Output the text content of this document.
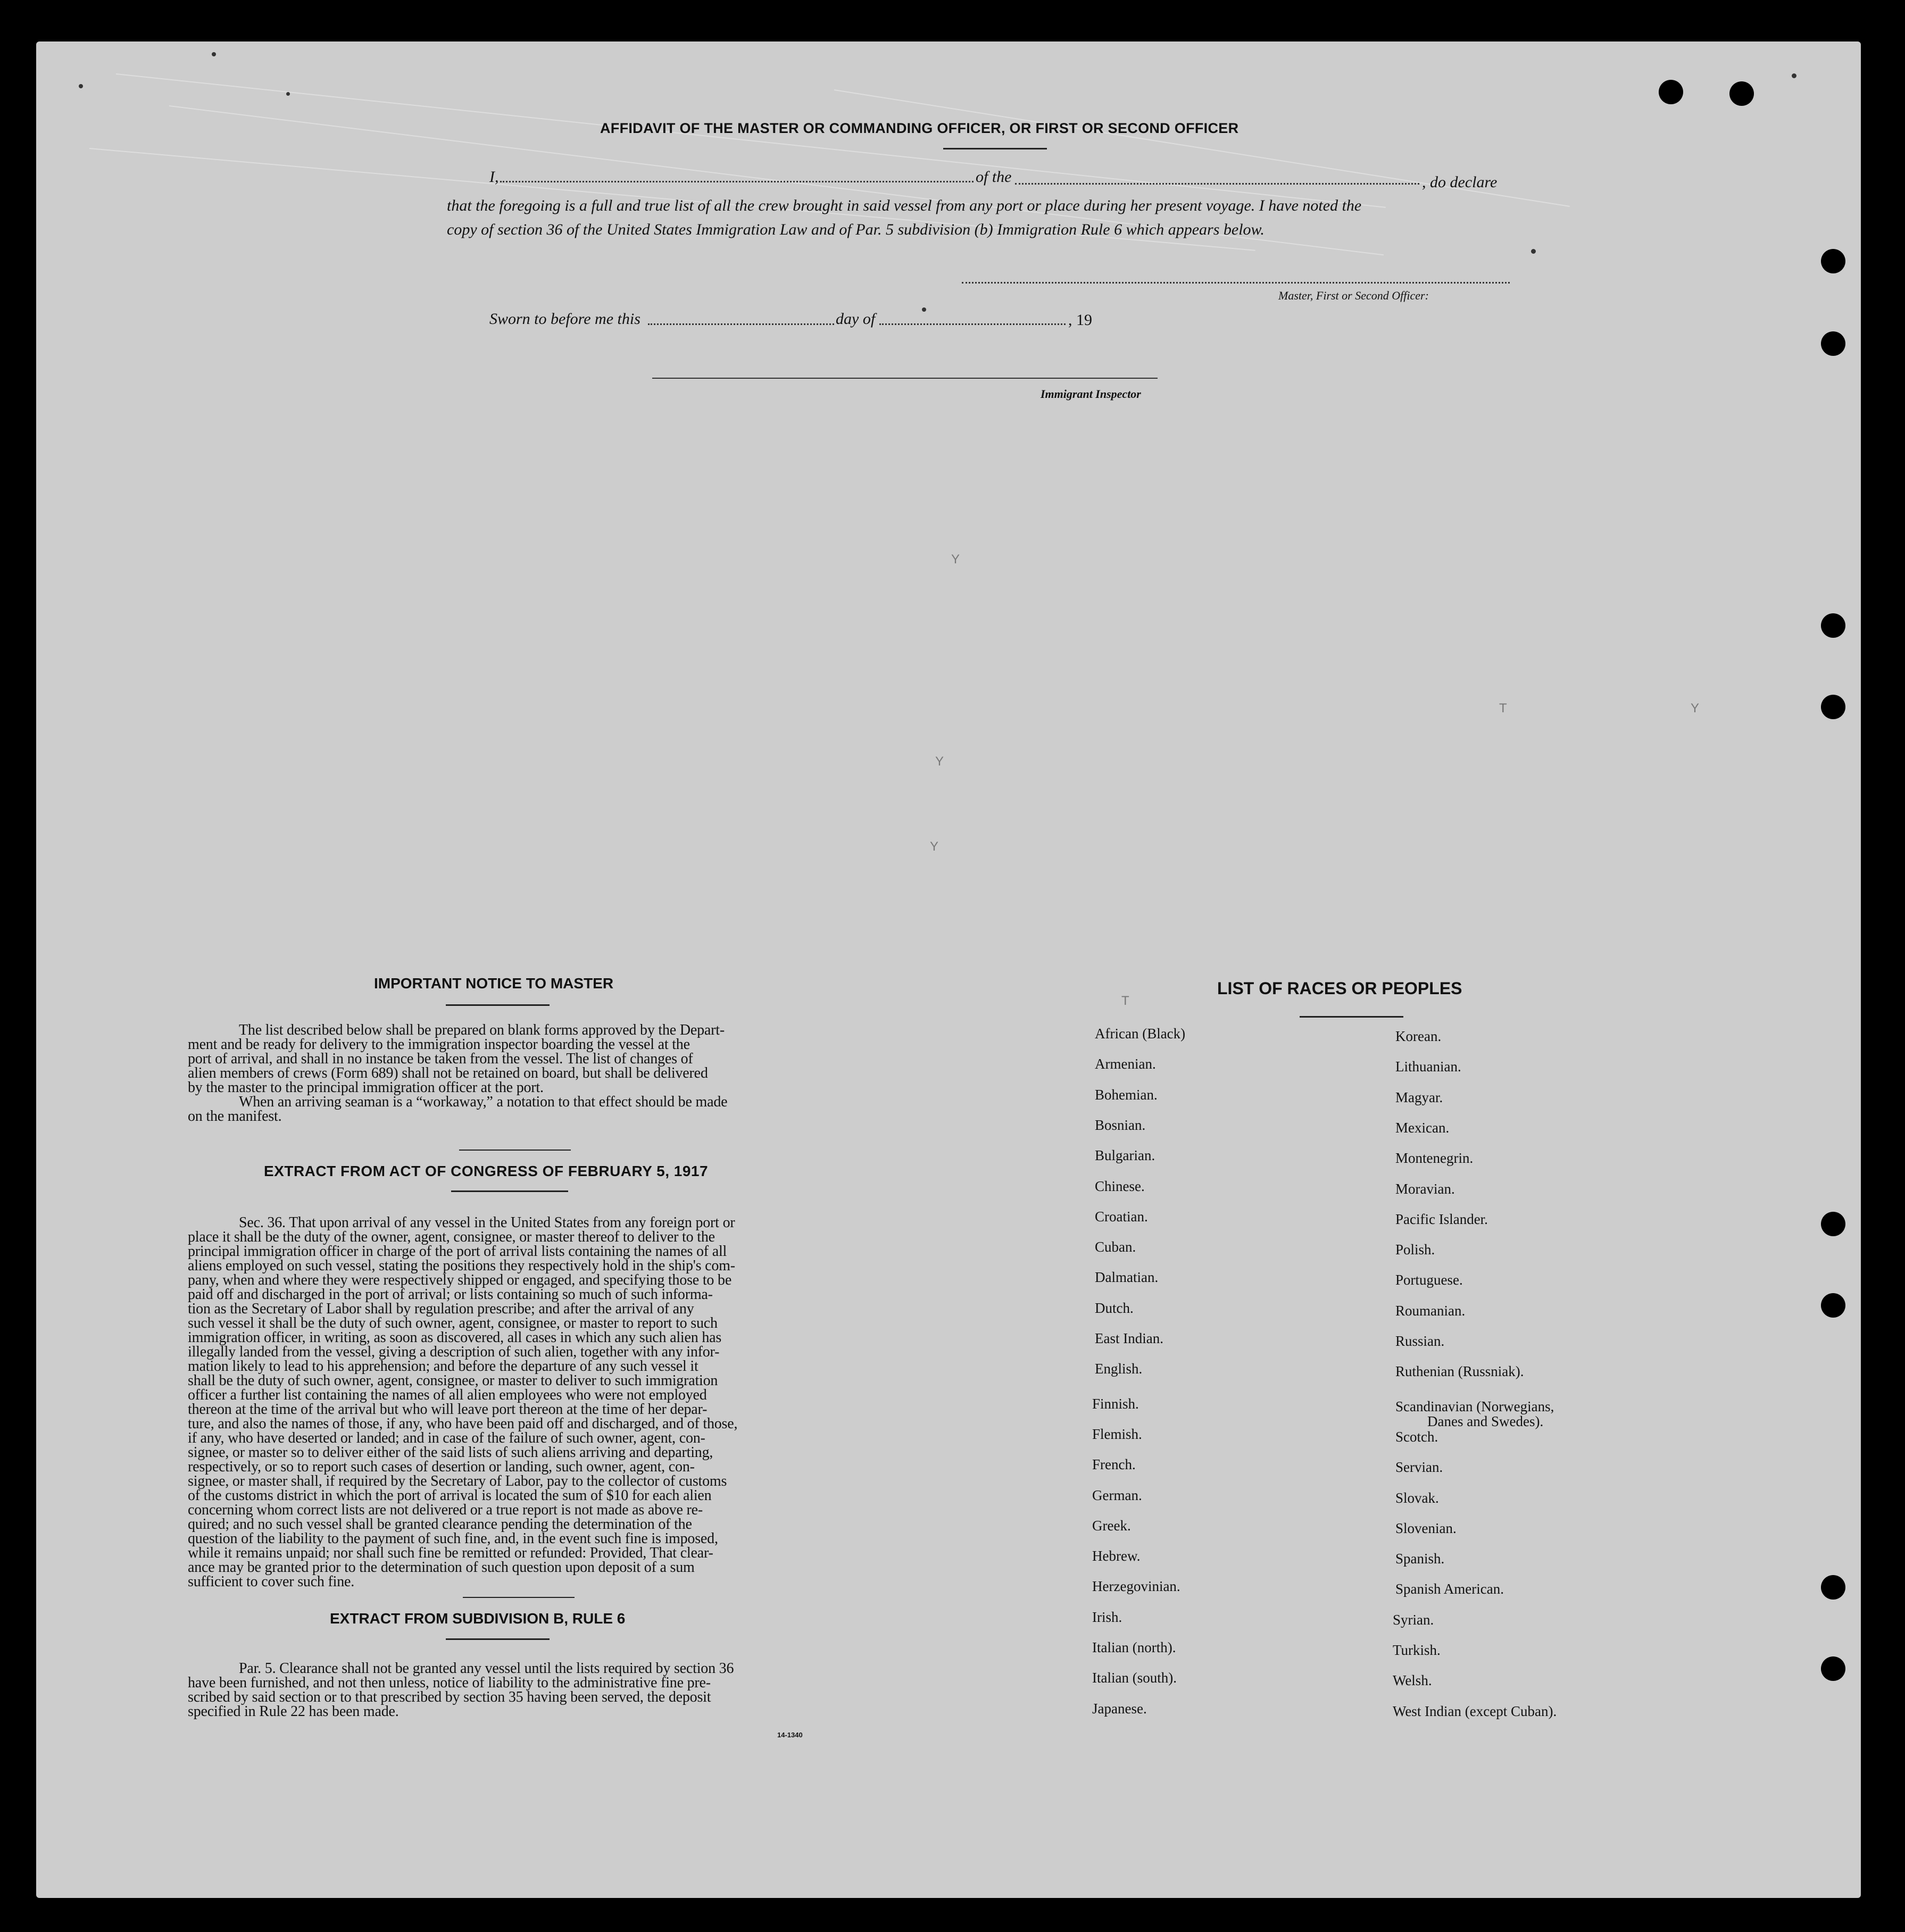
Y
Y
Y
Y
T
T
AFFIDAVIT OF THE MASTER OR COMMANDING OFFICER, OR FIRST OR SECOND OFFICER
I,	of the	, do declare
that the foregoing is a full and true list of all the crew brought in said vessel from any port or place during her present voyage. I have noted the
copy of section 36 of the United States Immigration Law and of Par. 5 subdivision (b) Immigration Rule 6 which appears below.
Master, First or Second Officer:
Sworn to before me this	day of	, 19
Immigrant Inspector
IMPORTANT NOTICE TO MASTER
The list described below shall be prepared on blank forms approved by the Depart-
ment and be ready for delivery to the immigration inspector boarding the vessel at the
port of arrival, and shall in no instance be taken from the vessel. The list of changes of
alien members of crews (Form 689) shall not be retained on board, but shall be delivered
by the master to the principal immigration officer at the port.
When an arriving seaman is a “workaway,” a notation to that effect should be made
on the manifest.
EXTRACT FROM ACT OF CONGRESS OF FEBRUARY 5, 1917
Sec. 36. That upon arrival of any vessel in the United States from any foreign port or
place it shall be the duty of the owner, agent, consignee, or master thereof to deliver to the
principal immigration officer in charge of the port of arrival lists containing the names of all
aliens employed on such vessel, stating the positions they respectively hold in the ship's com-
pany, when and where they were respectively shipped or engaged, and specifying those to be
paid off and discharged in the port of arrival; or lists containing so much of such informa-
tion as the Secretary of Labor shall by regulation prescribe; and after the arrival of any
such vessel it shall be the duty of such owner, agent, consignee, or master to report to such
immigration officer, in writing, as soon as discovered, all cases in which any such alien has
illegally landed from the vessel, giving a description of such alien, together with any infor-
mation likely to lead to his apprehension; and before the departure of any such vessel it
shall be the duty of such owner, agent, consignee, or master to deliver to such immigration
officer a further list containing the names of all alien employees who were not employed
thereon at the time of the arrival but who will leave port thereon at the time of her depar-
ture, and also the names of those, if any, who have been paid off and discharged, and of those,
if any, who have deserted or landed; and in case of the failure of such owner, agent, con-
signee, or master so to deliver either of the said lists of such aliens arriving and departing,
respectively, or so to report such cases of desertion or landing, such owner, agent, con-
signee, or master shall, if required by the Secretary of Labor, pay to the collector of customs
of the customs district in which the port of arrival is located the sum of $10 for each alien
concerning whom correct lists are not delivered or a true report is not made as above re-
quired; and no such vessel shall be granted clearance pending the determination of the
question of the liability to the payment of such fine, and, in the event such fine is imposed,
while it remains unpaid; nor shall such fine be remitted or refunded: Provided, That clear-
ance may be granted prior to the determination of such question upon deposit of a sum
sufficient to cover such fine.
EXTRACT FROM SUBDIVISION B, RULE 6
Par. 5. Clearance shall not be granted any vessel until the lists required by section 36
have been furnished, and not then unless, notice of liability to the administrative fine pre-
scribed by said section or to that prescribed by section 35 having been served, the deposit
specified in Rule 22 has been made.
14-1340
LIST OF RACES OR PEOPLES
African (Black)
Armenian.
Bohemian.
Bosnian.
Bulgarian.
Chinese.
Croatian.
Cuban.
Dalmatian.
Dutch.
East Indian.
English.
Finnish.
Flemish.
French.
German.
Greek.
Hebrew.
Herzegovinian.
Irish.
Italian (north).
Italian (south).
Japanese.
Korean.
Lithuanian.
Magyar.
Mexican.
Montenegrin.
Moravian.
Pacific Islander.
Polish.
Portuguese.
Roumanian.
Russian.
Ruthenian (Russniak).
Scandinavian (Norwegians,
Danes and Swedes).
Scotch.
Servian.
Slovak.
Slovenian.
Spanish.
Spanish American.
Syrian.
Turkish.
Welsh.
West Indian (except Cuban).
